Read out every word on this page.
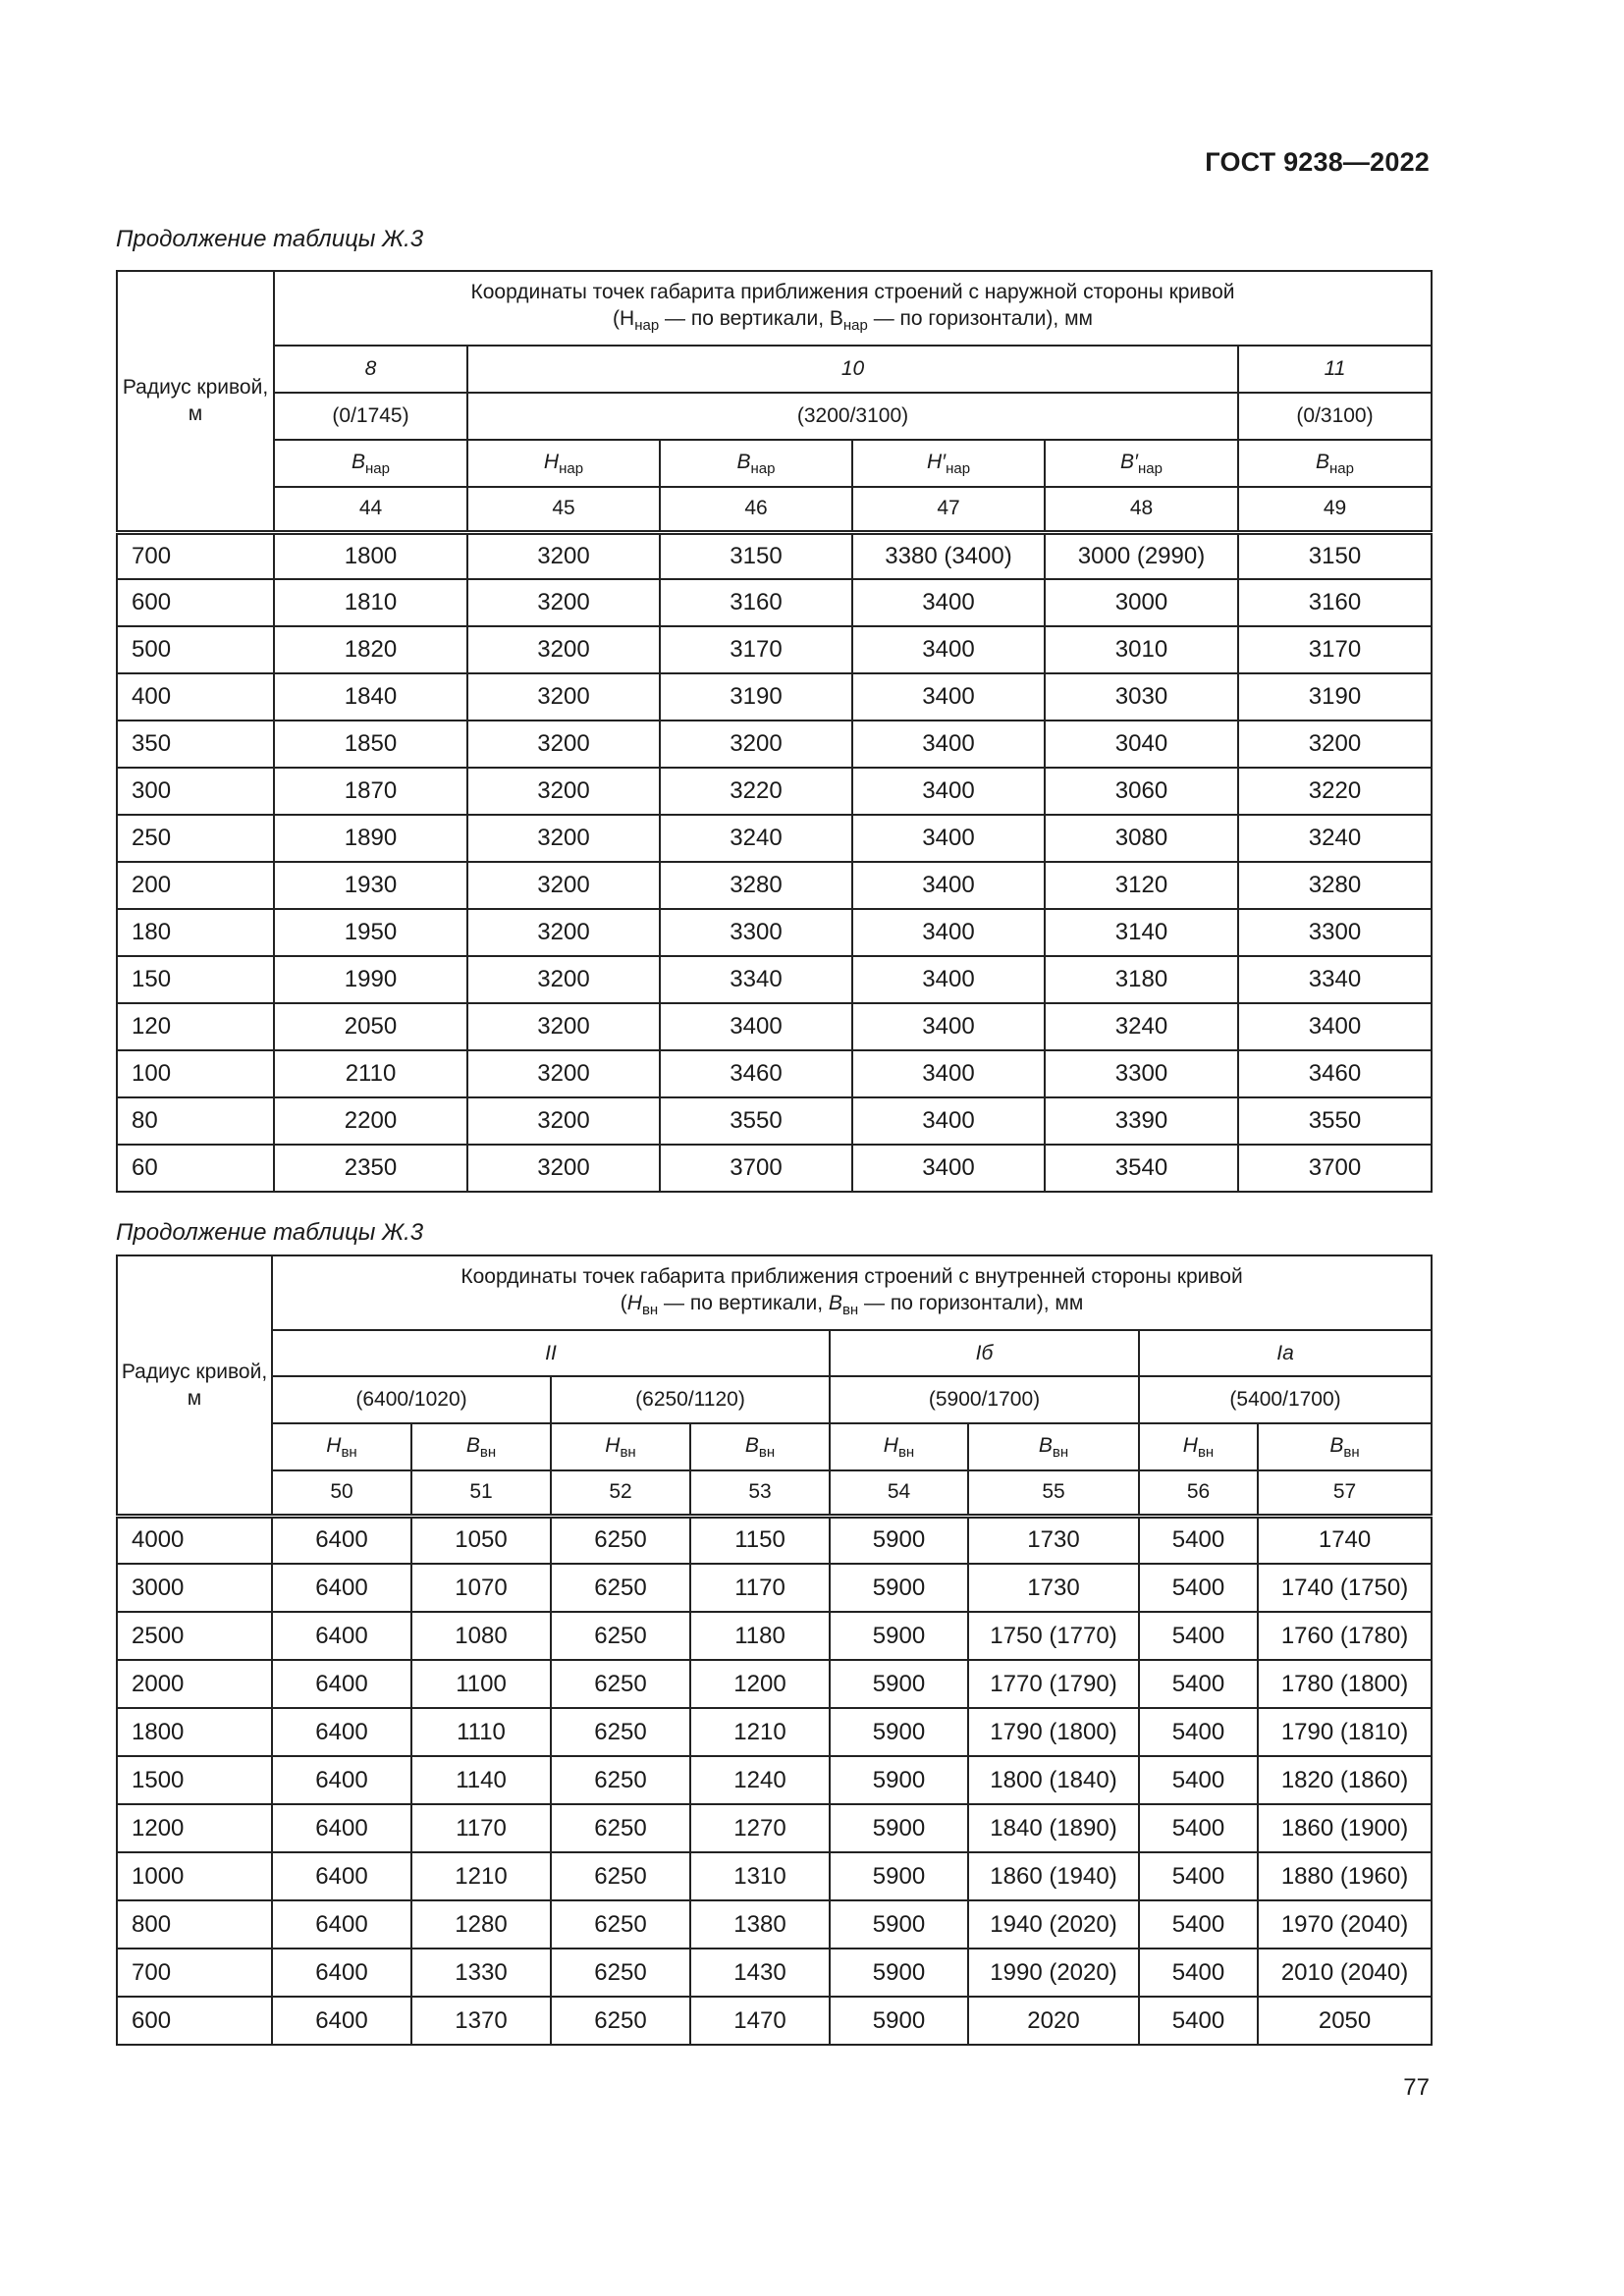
ГОСТ 9238—2022
Продолжение таблицы Ж.3
Радиус кривой, м	Координаты точек габарита приближения строений с наружной стороны кривой
($Н_{нар}$ — по вертикали, $В_{нар}$ — по горизонтали), мм					
	8	10				11
	(0/1745)	(3200/3100)				(0/3100)
	$B_{нар}$	$H_{нар}$	$B_{нар}$	$H'_{нар}$	$B'_{нар}$	$B_{нар}$
	44	45	46	47	48	49
700	1800	3200	3150	3380 (3400)	3000 (2990)	3150
600	1810	3200	3160	3400	3000	3160
500	1820	3200	3170	3400	3010	3170
400	1840	3200	3190	3400	3030	3190
350	1850	3200	3200	3400	3040	3200
300	1870	3200	3220	3400	3060	3220
250	1890	3200	3240	3400	3080	3240
200	1930	3200	3280	3400	3120	3280
180	1950	3200	3300	3400	3140	3300
150	1990	3200	3340	3400	3180	3340
120	2050	3200	3400	3400	3240	3400
100	2110	3200	3460	3400	3300	3460
80	2200	3200	3550	3400	3390	3550
60	2350	3200	3700	3400	3540	3700
Продолжение таблицы Ж.3
Радиус кривой, м	Координаты точек габарита приближения строений с внутренней стороны кривой
($Н_{вн}$ — по вертикали, $В_{вн}$ — по горизонтали), мм							
	II				Iб		Iа	
	(6400/1020)		(6250/1120)		(5900/1700)		(5400/1700)	
	$H_{вн}$	$B_{вн}$	$H_{вн}$	$B_{вн}$	$H_{вн}$	$B_{вн}$	$H_{вн}$	$B_{вн}$
	50	51	52	53	54	55	56	57
4000	6400	1050	6250	1150	5900	1730	5400	1740
3000	6400	1070	6250	1170	5900	1730	5400	1740 (1750)
2500	6400	1080	6250	1180	5900	1750 (1770)	5400	1760 (1780)
2000	6400	1100	6250	1200	5900	1770 (1790)	5400	1780 (1800)
1800	6400	1110	6250	1210	5900	1790 (1800)	5400	1790 (1810)
1500	6400	1140	6250	1240	5900	1800 (1840)	5400	1820 (1860)
1200	6400	1170	6250	1270	5900	1840 (1890)	5400	1860 (1900)
1000	6400	1210	6250	1310	5900	1860 (1940)	5400	1880 (1960)
800	6400	1280	6250	1380	5900	1940 (2020)	5400	1970 (2040)
700	6400	1330	6250	1430	5900	1990 (2020)	5400	2010 (2040)
600	6400	1370	6250	1470	5900	2020	5400	2050
77
